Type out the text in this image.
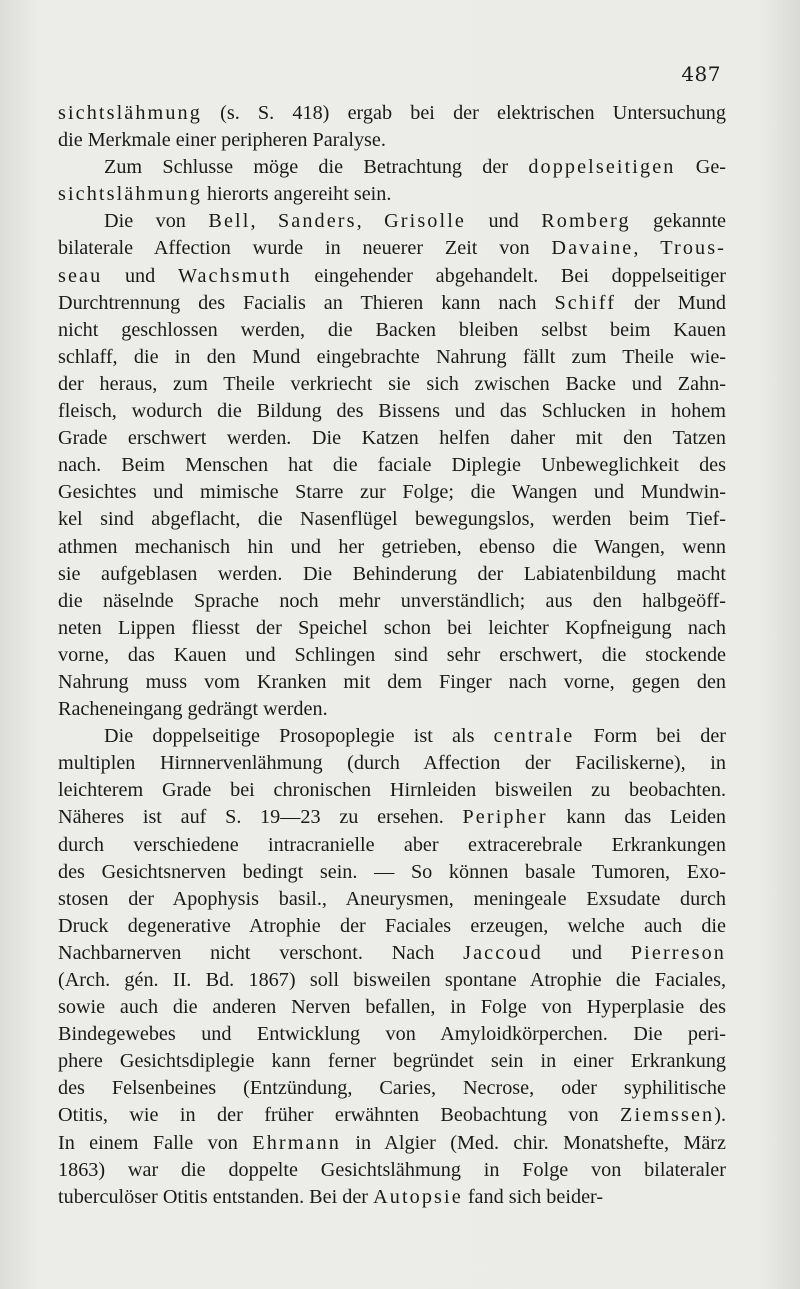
487
sichtslähmung (s. S. 418) ergab bei der elektrischen Untersuchung
die Merkmale einer peripheren Paralyse.
Zum Schlusse möge die Betrachtung der doppelseitigen Ge-
sichtslähmung hierorts angereiht sein.
Die von Bell, Sanders, Grisolle und Romberg gekannte
bilaterale Affection wurde in neuerer Zeit von Davaine, Trous-
seau und Wachsmuth eingehender abgehandelt. Bei doppelseitiger
Durchtrennung des Facialis an Thieren kann nach Schiff der Mund
nicht geschlossen werden, die Backen bleiben selbst beim Kauen
schlaff, die in den Mund eingebrachte Nahrung fällt zum Theile wie-
der heraus, zum Theile verkriecht sie sich zwischen Backe und Zahn-
fleisch, wodurch die Bildung des Bissens und das Schlucken in hohem
Grade erschwert werden. Die Katzen helfen daher mit den Tatzen
nach. Beim Menschen hat die faciale Diplegie Unbeweglichkeit des
Gesichtes und mimische Starre zur Folge; die Wangen und Mundwin-
kel sind abgeflacht, die Nasenflügel bewegungslos, werden beim Tief-
athmen mechanisch hin und her getrieben, ebenso die Wangen, wenn
sie aufgeblasen werden. Die Behinderung der Labiatenbildung macht
die näselnde Sprache noch mehr unverständlich; aus den halbgeöff-
neten Lippen fliesst der Speichel schon bei leichter Kopfneigung nach
vorne, das Kauen und Schlingen sind sehr erschwert, die stockende
Nahrung muss vom Kranken mit dem Finger nach vorne, gegen den
Racheneingang gedrängt werden.
Die doppelseitige Prosopoplegie ist als centrale Form bei der
multiplen Hirnnervenlähmung (durch Affection der Faciliskerne), in
leichterem Grade bei chronischen Hirnleiden bisweilen zu beobachten.
Näheres ist auf S. 19—23 zu ersehen. Peripher kann das Leiden
durch verschiedene intracranielle aber extracerebrale Erkrankungen
des Gesichtsnerven bedingt sein. — So können basale Tumoren, Exo-
stosen der Apophysis basil., Aneurysmen, meningeale Exsudate durch
Druck degenerative Atrophie der Faciales erzeugen, welche auch die
Nachbarnerven nicht verschont. Nach Jaccoud und Pierreson
(Arch. gén. II. Bd. 1867) soll bisweilen spontane Atrophie die Faciales,
sowie auch die anderen Nerven befallen, in Folge von Hyperplasie des
Bindegewebes und Entwicklung von Amyloidkörperchen. Die peri-
phere Gesichtsdiplegie kann ferner begründet sein in einer Erkrankung
des Felsenbeines (Entzündung, Caries, Necrose, oder syphilitische
Otitis, wie in der früher erwähnten Beobachtung von Ziemssen).
In einem Falle von Ehrmann in Algier (Med. chir. Monatshefte, März
1863) war die doppelte Gesichtslähmung in Folge von bilateraler
tuberculöser Otitis entstanden. Bei der Autopsie fand sich beider-
